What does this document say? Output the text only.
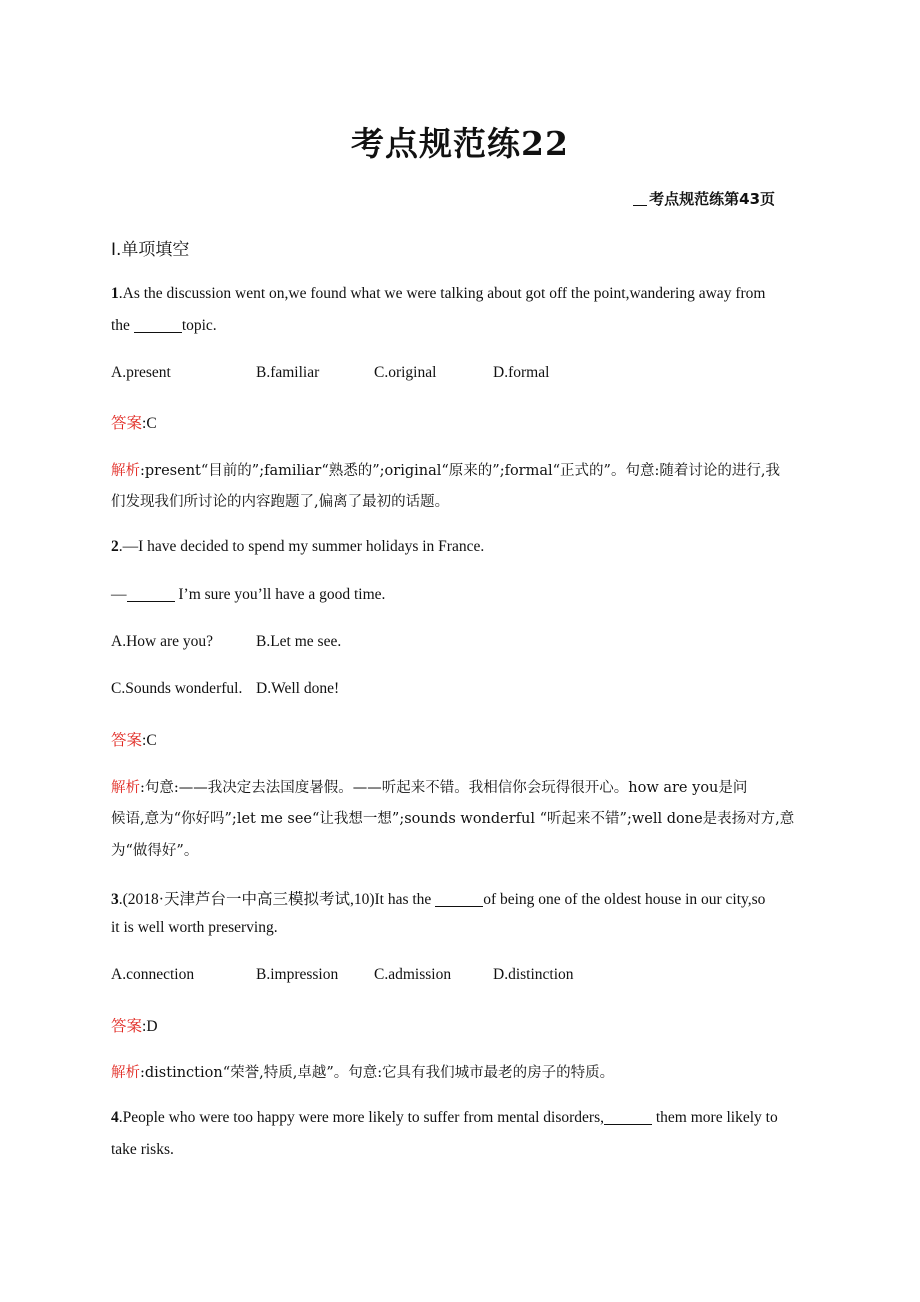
考点规范练22
考点规范练第43页
Ⅰ.单项填空
1.As the discussion went on,we found what we were talking about got off the point,wandering away from
the	topic.
A.present	B.familiar	C.original	D.formal
答案:C
解析:present“目前的”;familiar“熟悉的”;original“原来的”;formal“正式的”。句意:随着讨论的进行,我
们发现我们所讨论的内容跑题了,偏离了最初的话题。
2.—I have decided to spend my summer holidays in France.
—	I’m sure you’ll have a good time.
A.How are you?	B.Let me see.
C.Sounds wonderful. D.Well done!
答案:C
解析:句意:——我决定去法国度暑假。——听起来不错。我相信你会玩得很开心。how are you是问
候语,意为“你好吗”;let me see“让我想一想”;sounds wonderful “听起来不错”;well done是表扬对方,意
为“做得好”。
3.(2018·天津芦台一中高三模拟考试,10)It has the	of being one of the oldest house in our city,so
it is well worth preserving.
A.connection	B.impression C.admission	D.distinction
答案:D
解析:distinction“荣誉,特质,卓越”。句意:它具有我们城市最老的房子的特质。
4.People who were too happy were more likely to suffer from mental disorders,	them more likely to
take risks.
